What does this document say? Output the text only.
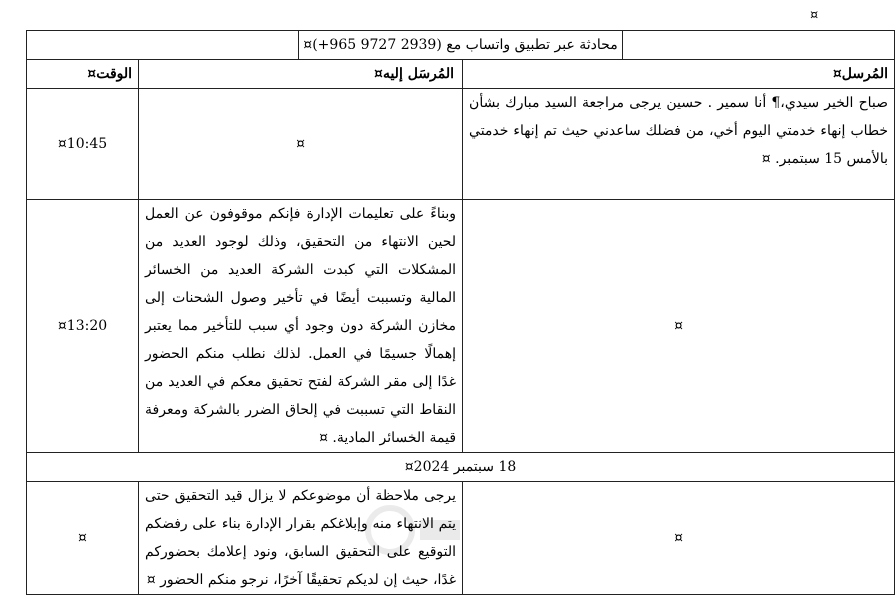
¤
محادثة عبر تطبيق واتساب مع (2939 9727 965+)¤		
المُرسل¤	المُرسَل إليه¤	الوقت¤
صباح الخير سيدي،¶ أنا سمير . حسين يرجى مراجعة السيد مبارك بشأن خطاب إنهاء خدمتي اليوم أخي، من فضلك ساعدني حيث تم إنهاء خدمتي بالأمس 15 سبتمبر. ¤	¤	¤10:45
¤	وبناءً على تعليمات الإدارة فإنكم موقوفون عن العمل لحين الانتهاء من التحقيق، وذلك لوجود العديد من المشكلات التي كبدت الشركة العديد من الخسائر المالية وتسببت أيضًا في تأخير وصول الشحنات إلى مخازن الشركة دون وجود أي سبب للتأخير مما يعتبر إهمالًا جسيمًا في العمل. لذلك نطلب منكم الحضور غدًا إلى مقر الشركة لفتح تحقيق معكم في العديد من النقاط التي تسببت في إلحاق الضرر بالشركة ومعرفة قيمة الخسائر المادية. ¤	¤13:20
18 سبتمبر 2024¤		
¤	يرجى ملاحظة أن موضوعكم لا يزال قيد التحقيق حتى يتم الانتهاء منه وإبلاغكم بقرار الإدارة بناء على رفضكم التوقيع على التحقيق السابق، ونود إعلامك بحضوركم غدًا، حيث إن لديكم تحقيقًا آخرًا، نرجو منكم الحضور ¤	¤
